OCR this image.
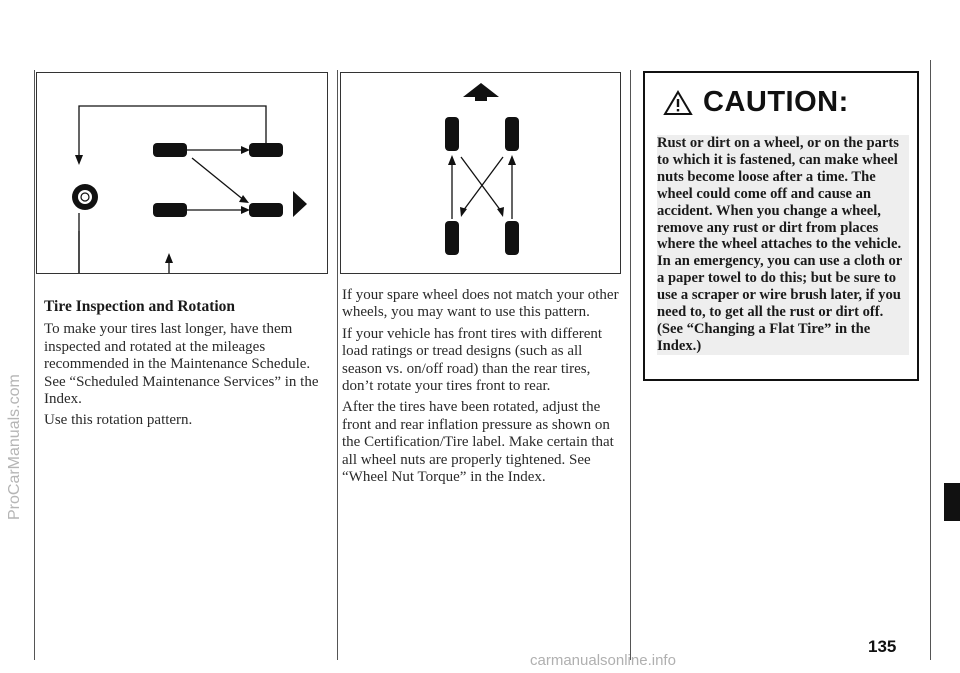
Tire Inspection and Rotation

To make your tires last longer, have them inspected and rotated at the mileages recommended in the Maintenance Schedule. See “Scheduled Maintenance Services” in the Index.

Use this rotation pattern.

If your spare wheel does not match your other wheels, you may want to use this pattern.

If your vehicle has front tires with different load ratings or tread designs (such as all season vs. on/off road) than the rear tires, don’t rotate your tires front to rear.

After the tires have been rotated, adjust the front and rear inflation pressure as shown on the Certification/Tire label. Make certain that all wheel nuts are properly tightened. See “Wheel Nut Torque” in the Index.

CAUTION:
Rust or dirt on a wheel, or on the parts to which it is fastened, can make wheel nuts become loose after a time. The wheel could come off and cause an accident. When you change a wheel, remove any rust or dirt from places where the wheel attaches to the vehicle. In an emergency, you can use a cloth or a paper towel to do this; but be sure to use a scraper or wire brush later, if you need to, to get all the rust or dirt off. (See “Changing a Flat Tire” in the Index.)
135
ProCarManuals.com
carmanualsonline.info
